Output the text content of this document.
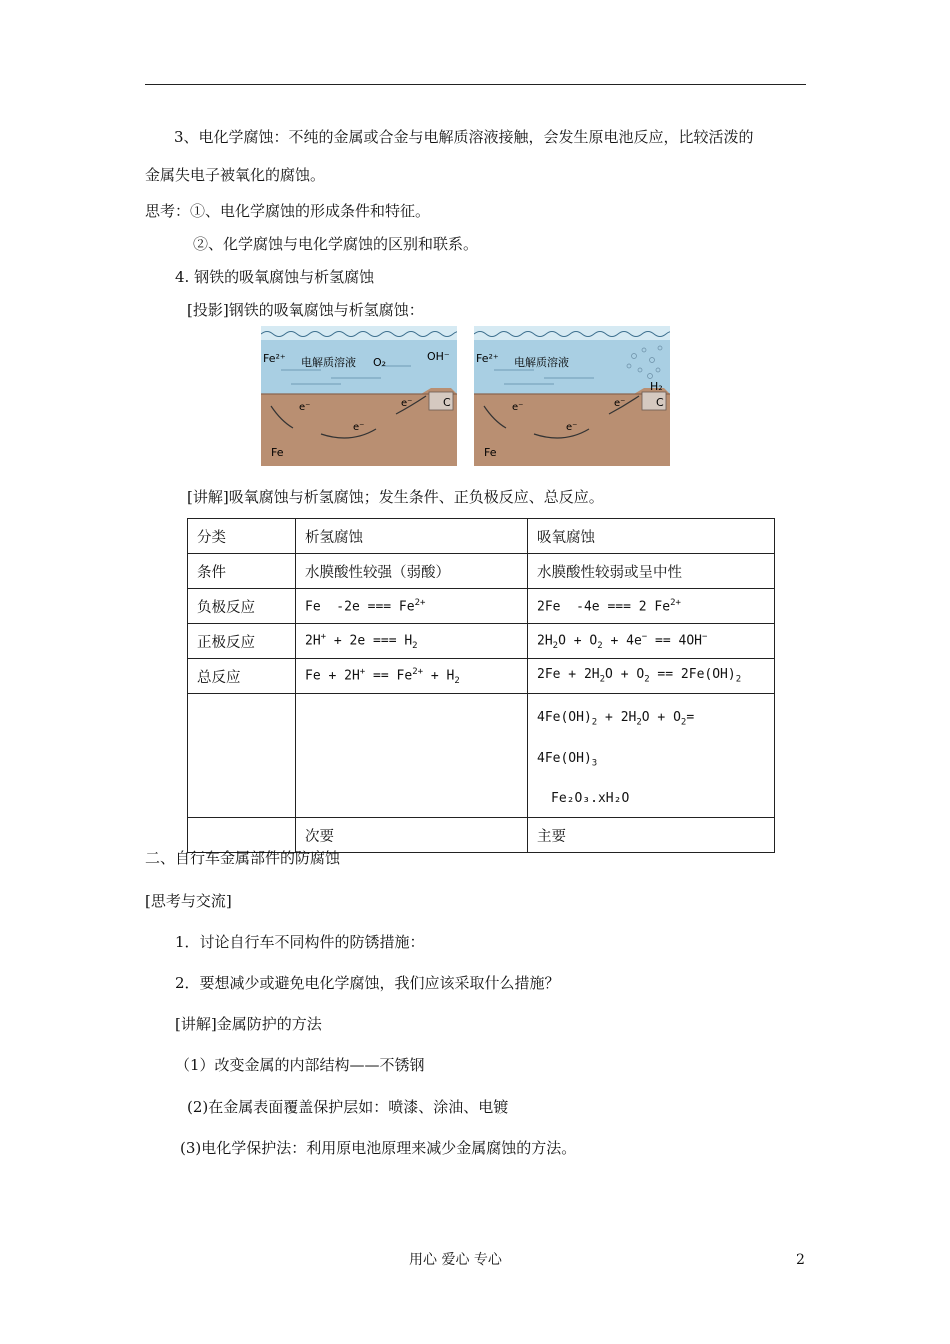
3、电化学腐蚀：不纯的金属或合金与电解质溶液接触，会发生原电池反应，比较活泼的
金属失电子被氧化的腐蚀。
思考：①、电化学腐蚀的形成条件和特征。
②、化学腐蚀与电化学腐蚀的区别和联系。
4. 钢铁的吸氧腐蚀与析氢腐蚀
[投影]钢铁的吸氧腐蚀与析氢腐蚀：
Fe²⁺ 电解质溶液 O₂	OH⁻
e⁻
e⁻
e⁻	C
Fe
Fe²⁺ 电解质溶液
H₂
e⁻
e⁻
e⁻	C
Fe
[讲解]吸氧腐蚀与析氢腐蚀；发生条件、正负极反应、总反应。
分类	析氢腐蚀	吸氧腐蚀
条件	水膜酸性较强（弱酸）	水膜酸性较弱或呈中性
负极反应	Fe  -2e === $Fe^{2+}$	2Fe  -4e === 2 $Fe^{2+}$
正极反应	2H+ + 2e === $H_2$	$2H_2O + O_2 + 4e^- == 4OH^-$
总反应	$Fe + 2H^+ == Fe^{2+} + H_2$	$2Fe + 2H_2O + O_2 == 2Fe(OH)_2$

		$4Fe(OH)_2 + 2H_2O + O_2=$
$4Fe(OH)_3$
Fe₂O₃.xH₂O

	次要	主要
二、自行车金属部件的防腐蚀
[思考与交流]
1．讨论自行车不同构件的防锈措施：
2．要想减少或避免电化学腐蚀，我们应该采取什么措施？
[讲解]金属防护的方法
（1）改变金属的内部结构——不锈钢
(2)在金属表面覆盖保护层如：喷漆、涂油、电镀
(3)电化学保护法：利用原电池原理来减少金属腐蚀的方法。
用心 爱心 专心	2
